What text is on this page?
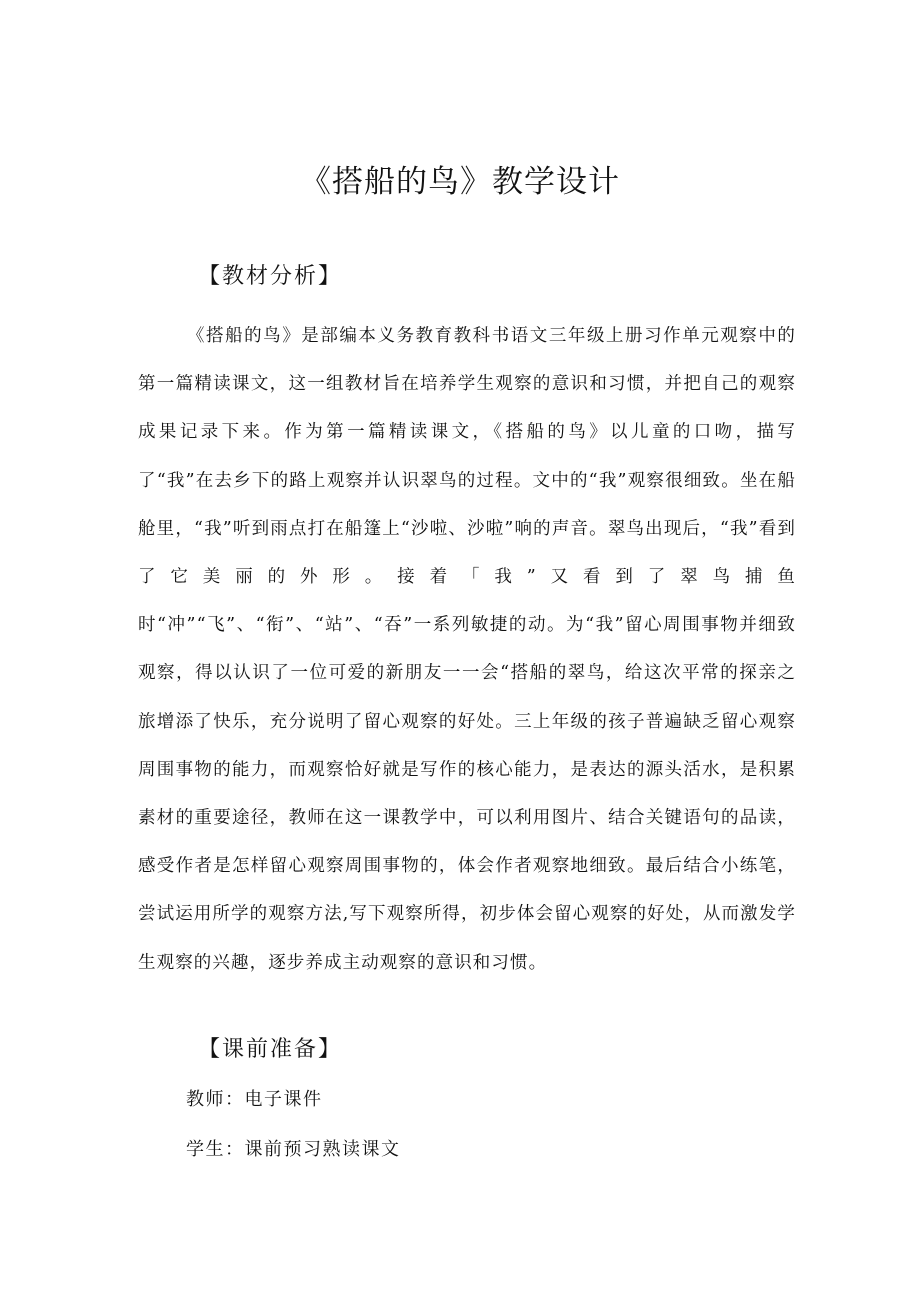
《搭船的鸟》教学设计
【教材分析】
《搭船的鸟》是部编本义务教育教科书语文三年级上册习作单元观察中的第一篇精读课文，这一组教材旨在培养学生观察的意识和习惯，并把自己的观察成果记录下来。作为第一篇精读课文，《搭船的鸟》以儿童的口吻，描写了“我”在去乡下的路上观察并认识翠鸟的过程。文中的“我”观察很细致。坐在船舱里，“我”听到雨点打在船篷上“沙啦、沙啦”响的声音。翠鸟出现后，“我”看到了它美丽的外形。接着「我”又看到了翠鸟捕鱼时“冲”“飞”、“衔”、“站”、“吞”一系列敏捷的动。为“我”留心周围事物并细致观察，得以认识了一位可爱的新朋友一一会“搭船的翠鸟，给这次平常的探亲之旅增添了快乐，充分说明了留心观察的好处。三上年级的孩子普遍缺乏留心观察周围事物的能力，而观察恰好就是写作的核心能力，是表达的源头活水，是积累素材的重要途径，教师在这一课教学中，可以利用图片、结合关键语句的品读，感受作者是怎样留心观察周围事物的，体会作者观察地细致。最后结合小练笔，尝试运用所学的观察方法,写下观察所得，初步体会留心观察的好处，从而激发学生观察的兴趣，逐步养成主动观察的意识和习惯。
【课前准备】
教师：电子课件
学生：课前预习熟读课文
